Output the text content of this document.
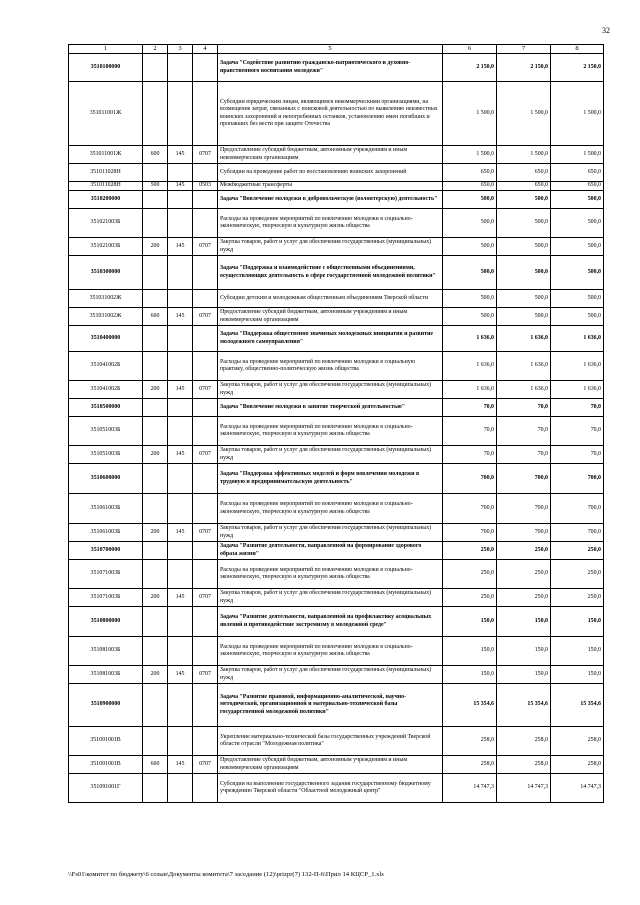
32
1	2	3	4	5	6	7	8
3510100000				Задача "Содействие развитию гражданско-патриотического и духовно- нравственного воспитания молодежи"	2 150,0	2 150,0	2 150,0
351011001Ж				Субсидии юридическим лицам, являющимся некоммерческими организациями, на возмещение затрат, связанных с поисковой деятельностью по выявлению неизвестных воинских захоронений и непогребенных останков, установлению имен погибших и пропавших без вести при защите Отечества	1 500,0	1 500,0	1 500,0
351011001Ж	600	145	0707	Предоставление субсидий бюджетным, автономным учреждениям и иным некоммерческим организациям	1 500,0	1 500,0	1 500,0
351011028Н				Субсидии на проведение работ по восстановлению воинских захоронений	650,0	650,0	650,0
351011028Н	500	145	0503	Межбюджетные трансферты	650,0	650,0	650,0
3510200000				Задача "Вовлечение молодежи в добровольческую (волонтерскую) деятельность"	500,0	500,0	500,0
351021003Б				Расходы на проведение мероприятий по вовлечению молодежи в социально-экономическую, творческую и культурную жизнь общества	500,0	500,0	500,0
351021003Б	200	145	0707	Закупка товаров, работ и услуг для обеспечения государственных (муниципальных) нужд	500,0	500,0	500,0
3510300000				Задача "Поддержка и взаимодействие с общественными объединениями, осуществляющих деятельность в сфере государственной молодежной политики"	500,0	500,0	500,0
351031002Ж				Субсидии детским и молодежным общественным объединениям Тверской области	500,0	500,0	500,0
351031002Ж	600	145	0707	Предоставление субсидий бюджетным, автономным учреждениям и иным некоммерческим организациям	500,0	500,0	500,0
3510400000				Задача "Поддержка общественно значимых молодежных инициатив и развитие молодежного самоуправления"	1 636,0	1 636,0	1 636,0
351041002Б				Расходы на проведение мероприятий по вовлечению молодежи в социальную практику, общественно-политическую жизнь общества	1 636,0	1 636,0	1 636,0
351041002Б	200	145	0707	Закупка товаров, работ и услуг для обеспечения государственных (муниципальных) нужд	1 636,0	1 636,0	1 636,0
3510500000				Задача "Вовлечение молодежи в занятие творческой деятельностью"	70,0	70,0	70,0
351051003Б				Расходы на проведение мероприятий по вовлечению молодежи в социально-экономическую, творческую и культурную жизнь общества	70,0	70,0	70,0
351051003Б	200	145	0707	Закупка товаров, работ и услуг для обеспечения государственных (муниципальных) нужд	70,0	70,0	70,0
3510600000				Задача "Поддержка эффективных моделей и форм вовлечения молодежи в трудовую и предпринимательскую деятельность"	700,0	700,0	700,0
351061003Б				Расходы на проведение мероприятий по вовлечению молодежи в социально-экономическую, творческую и культурную жизнь общества	700,0	700,0	700,0
351061003Б	200	145	0707	Закупка товаров, работ и услуг для обеспечения государственных (муниципальных) нужд	700,0	700,0	700,0
3510700000				Задача "Развитие деятельности, направленной на формирование здорового образа жизни"	250,0	250,0	250,0
351071003Б				Расходы на проведение мероприятий по вовлечению молодежи в социально-экономическую, творческую и культурную жизнь общества	250,0	250,0	250,0
351071003Б	200	145	0707	Закупка товаров, работ и услуг для обеспечения государственных (муниципальных) нужд	250,0	250,0	250,0
3510800000				Задача "Развитие деятельности, направленной на профилактику асоциальных явлений и противодействие экстремизму в молодежной среде"	150,0	150,0	150,0
351081003Б				Расходы на проведение мероприятий по вовлечению молодежи в социально-экономическую, творческую и культурную жизнь общества	150,0	150,0	150,0
351081003Б	200	145	0707	Закупка товаров, работ и услуг для обеспечения государственных (муниципальных) нужд	150,0	150,0	150,0
3510900000				Задача "Развитие правовой, информационно-аналитической, научно-методической, организационной и материально-технической базы государственной молодежной политики"	15 354,6	15 354,6	15 354,6
351091001В				Укрепление материально-технической базы государственных учреждений Тверской области отрасли "Молодежная политика"	258,0	258,0	258,0
351091001В	600	145	0707	Предоставление субсидий бюджетным, автономным учреждениям и иным некоммерческим организациям	258,0	258,0	258,0
351091001Г				Субсидии на выполнение государственного задания государственному бюджетному учреждению Тверской области "Областной молодежный центр"	14 747,3	14 747,3	14 747,3
\\Fs01\комитет по бюджету\6 созыв\Документы комитета\7 заседание (12)\prizpr(7) 132-П-6\Прил 14 КЦСР_1.xls
